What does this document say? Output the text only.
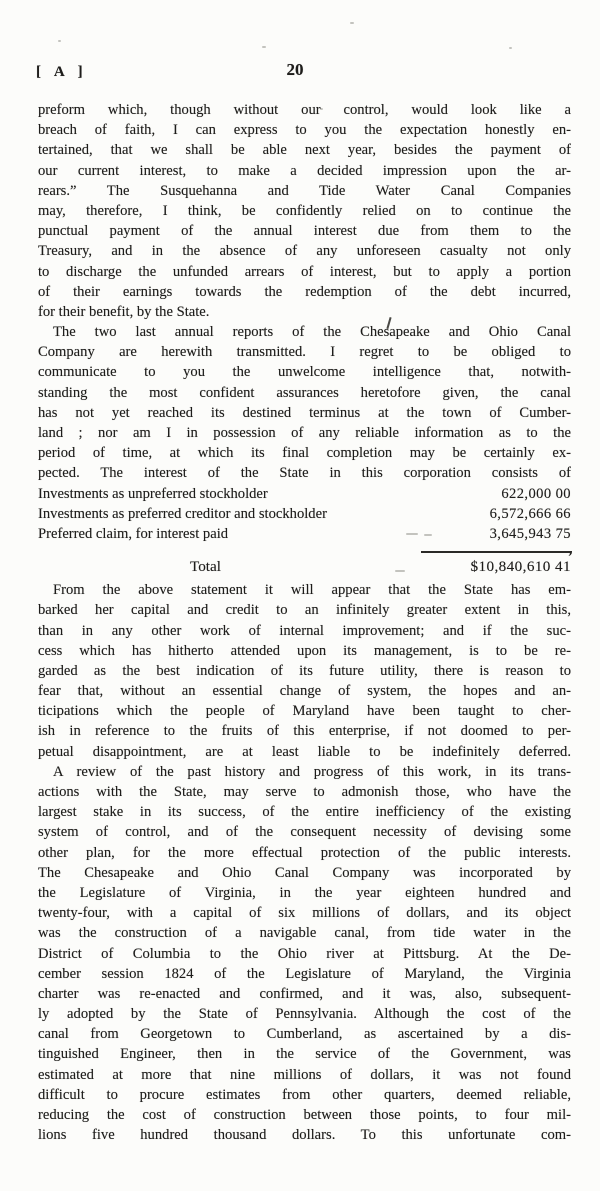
[ A ]	20
preform which, though without our control, would look like a
breach of faith, I can express to you the expectation honestly en-
tertained, that we shall be able next year, besides the payment of
our current interest, to make a decided impression upon the ar-
rears.” The Susquehanna and Tide Water Canal Companies
may, therefore, I think, be confidently relied on to continue the
punctual payment of the annual interest due from them to the
Treasury, and in the absence of any unforeseen casualty not only
to discharge the unfunded arrears of interest, but to apply a portion
of their earnings towards the redemption of the debt incurred,
for their benefit, by the State.
The two last annual reports of the Chesapeake and Ohio Canal
Company are herewith transmitted. I regret to be obliged to
communicate to you the unwelcome intelligence that, notwith-
standing the most confident assurances heretofore given, the canal
has not yet reached its destined terminus at the town of Cumber-
land ; nor am I in possession of any reliable information as to the
period of time, at which its final completion may be certainly ex-
pected. The interest of the State in this corporation consists of
Investments as unpreferred stockholder	622,000 00
Investments as preferred creditor and stockholder	6,572,666 66
Preferred claim, for interest paid	3,645,943 75
Total	$10,840,610 41
From the above statement it will appear that the State has em-
barked her capital and credit to an infinitely greater extent in this,
than in any other work of internal improvement; and if the suc-
cess which has hitherto attended upon its management, is to be re-
garded as the best indication of its future utility, there is reason to
fear that, without an essential change of system, the hopes and an-
ticipations which the people of Maryland have been taught to cher-
ish in reference to the fruits of this enterprise, if not doomed to per-
petual disappointment, are at least liable to be indefinitely deferred.
A review of the past history and progress of this work, in its trans-
actions with the State, may serve to admonish those, who have the
largest stake in its success, of the entire inefficiency of the existing
system of control, and of the consequent necessity of devising some
other plan, for the more effectual protection of the public interests.
The Chesapeake and Ohio Canal Company was incorporated by
the Legislature of Virginia, in the year eighteen hundred and
twenty-four, with a capital of six millions of dollars, and its object
was the construction of a navigable canal, from tide water in the
District of Columbia to the Ohio river at Pittsburg. At the De-
cember session 1824 of the Legislature of Maryland, the Virginia
charter was re-enacted and confirmed, and it was, also, subsequent-
ly adopted by the State of Pennsylvania. Although the cost of the
canal from Georgetown to Cumberland, as ascertained by a dis-
tinguished Engineer, then in the service of the Government, was
estimated at more that nine millions of dollars, it was not found
difficult to procure estimates from other quarters, deemed reliable,
reducing the cost of construction between those points, to four mil-
lions five hundred thousand dollars. To this unfortunate com-
